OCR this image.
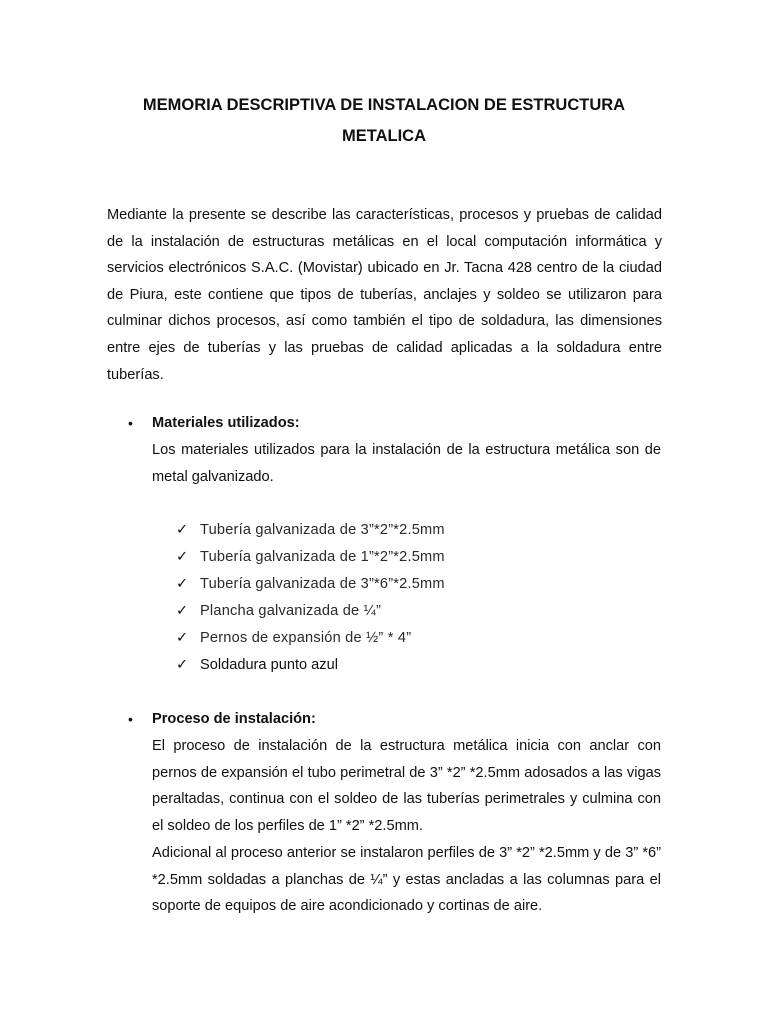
MEMORIA DESCRIPTIVA DE INSTALACION DE ESTRUCTURA
METALICA

Mediante la presente se describe las características, procesos y pruebas de calidad de la instalación de estructuras metálicas en el local computación informática y servicios electrónicos S.A.C. (Movistar) ubicado en Jr. Tacna 428 centro de la ciudad de Piura, este contiene que tipos de tuberías, anclajes y soldeo se utilizaron para culminar dichos procesos, así como también el tipo de soldadura, las dimensiones entre ejes de tuberías y las pruebas de calidad aplicadas a la soldadura entre tuberías.

• Materiales utilizados:

Los materiales utilizados para la instalación de la estructura metálica son de metal galvanizado.

✓ Tubería galvanizada de 3”*2”*2.5mm
✓ Tubería galvanizada de 1”*2”*2.5mm
✓ Tubería galvanizada de 3”*6”*2.5mm
✓ Plancha galvanizada de ¼”
✓ Pernos de expansión de ½” * 4”
✓ Soldadura punto azul
• Proceso de instalación:

El proceso de instalación de la estructura metálica inicia con anclar con pernos de expansión el tubo perimetral de 3” *2” *2.5mm adosados a las vigas peraltadas, continua con el soldeo de las tuberías perimetrales y culmina con el soldeo de los perfiles de 1” *2” *2.5mm.

Adicional al proceso anterior se instalaron perfiles de 3” *2” *2.5mm y de 3” *6” *2.5mm soldadas a planchas de ¼” y estas ancladas a las columnas para el soporte de equipos de aire acondicionado y cortinas de aire.
